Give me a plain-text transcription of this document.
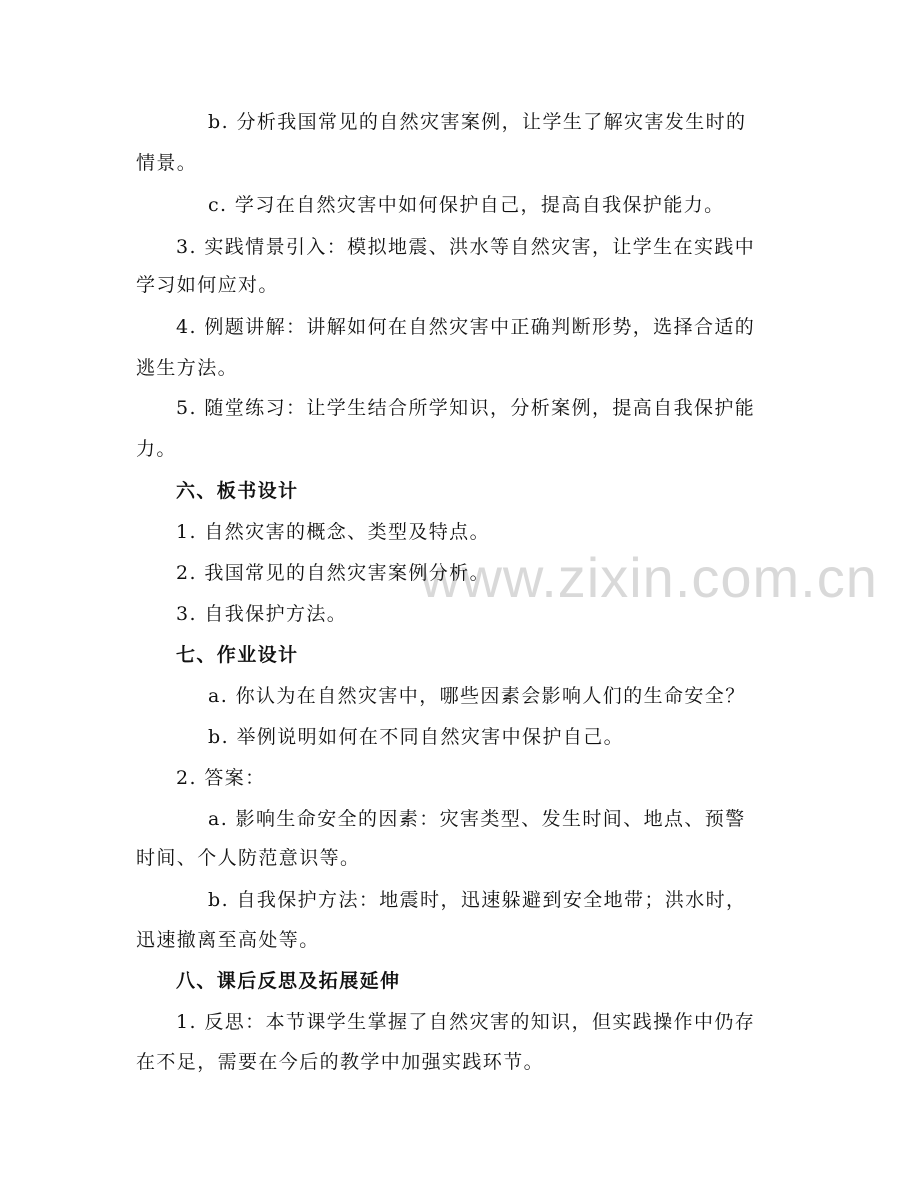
www.zixin.com.cn
b. 分析我国常见的自然灾害案例，让学生了解灾害发生时的
情景。
c. 学习在自然灾害中如何保护自己，提高自我保护能力。
3. 实践情景引入：模拟地震、洪水等自然灾害，让学生在实践中
学习如何应对。
4. 例题讲解：讲解如何在自然灾害中正确判断形势，选择合适的
逃生方法。
5. 随堂练习：让学生结合所学知识，分析案例，提高自我保护能
力。
六、板书设计
1. 自然灾害的概念、类型及特点。
2. 我国常见的自然灾害案例分析。
3. 自我保护方法。
七、作业设计
a. 你认为在自然灾害中，哪些因素会影响人们的生命安全？
b. 举例说明如何在不同自然灾害中保护自己。
2. 答案：
a. 影响生命安全的因素：灾害类型、发生时间、地点、预警
时间、个人防范意识等。
b. 自我保护方法：地震时，迅速躲避到安全地带；洪水时，
迅速撤离至高处等。
八、课后反思及拓展延伸
1. 反思：本节课学生掌握了自然灾害的知识，但实践操作中仍存
在不足，需要在今后的教学中加强实践环节。
